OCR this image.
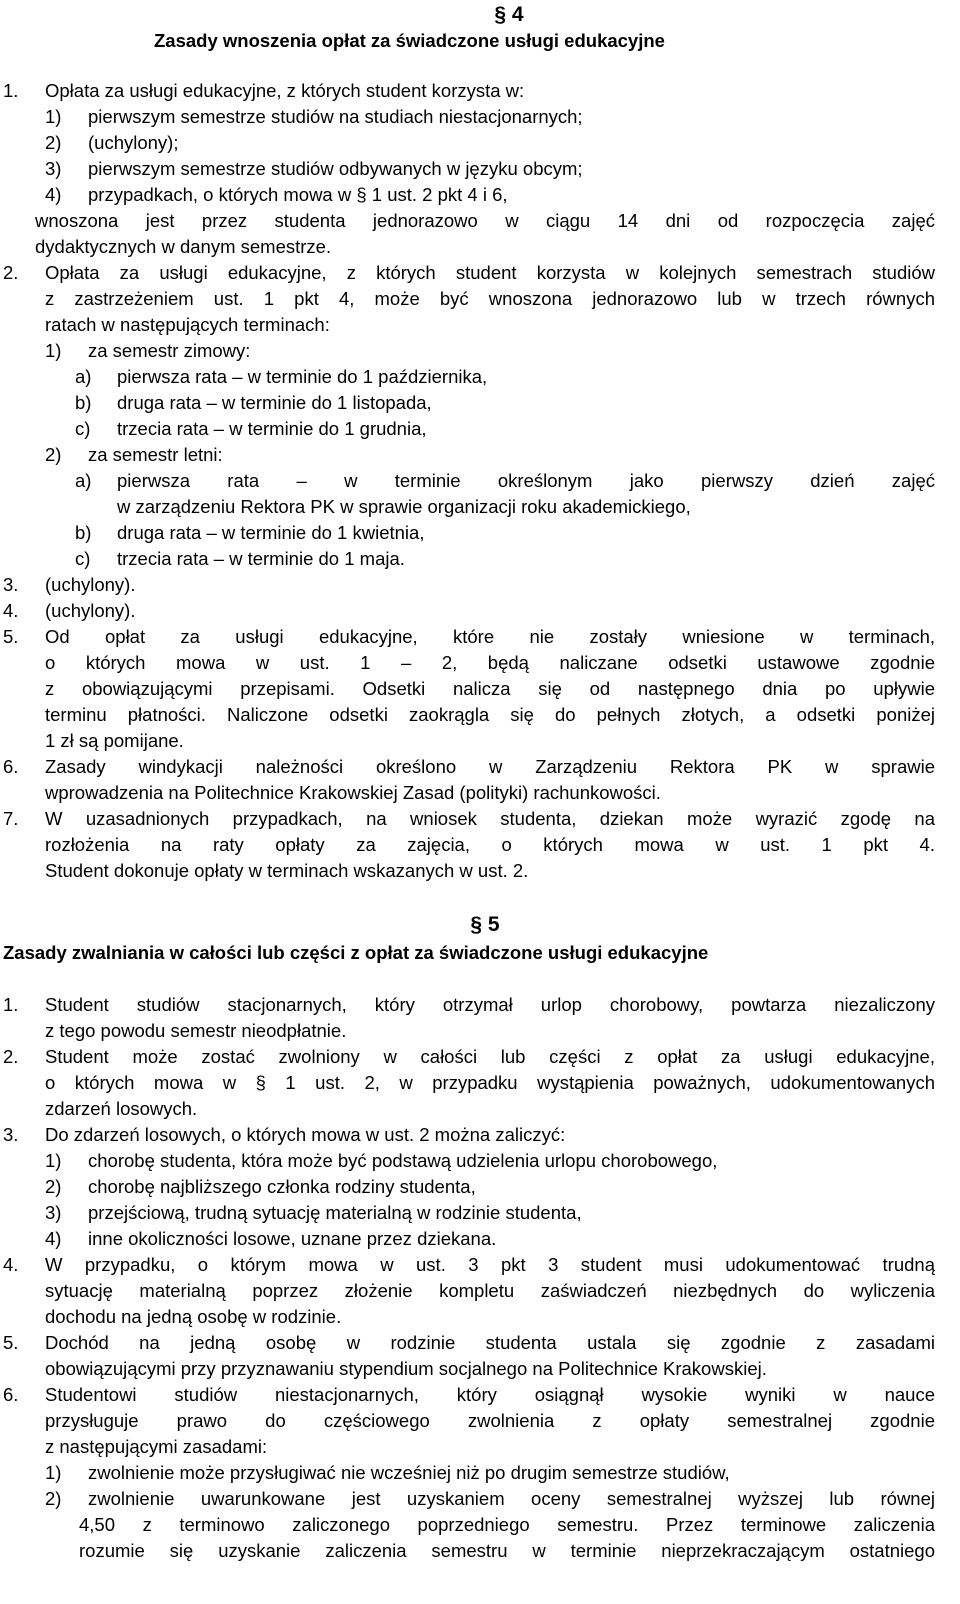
§ 4
Zasady wnoszenia opłat za świadczone usługi edukacyjne
1. Opłata za usługi edukacyjne, z których student korzysta w:
1) pierwszym semestrze studiów na studiach niestacjonarnych;
2) (uchylony);
3) pierwszym semestrze studiów odbywanych w języku obcym;
4) przypadkach, o których mowa w § 1 ust. 2 pkt 4 i 6,
wnoszona jest przez studenta jednorazowo w ciągu 14 dni od rozpoczęcia zajęć
dydaktycznych w danym semestrze.
2. Opłata za usługi edukacyjne, z których student korzysta w kolejnych semestrach studiów
z zastrzeżeniem ust. 1 pkt 4, może być wnoszona jednorazowo lub w trzech równych
ratach w następujących terminach:
1) za semestr zimowy:
a) pierwsza rata – w terminie do 1 października,
b) druga rata – w terminie do 1 listopada,
c) trzecia rata – w terminie do 1 grudnia,
2) za semestr letni:
a) pierwsza rata – w terminie określonym jako pierwszy dzień zajęć
w zarządzeniu Rektora PK w sprawie organizacji roku akademickiego,
b) druga rata – w terminie do 1 kwietnia,
c) trzecia rata – w terminie do 1 maja.
3. (uchylony).
4. (uchylony).
5. Od opłat za usługi edukacyjne, które nie zostały wniesione w terminach,
o których mowa w ust. 1 – 2, będą naliczane odsetki ustawowe zgodnie
z obowiązującymi przepisami. Odsetki nalicza się od następnego dnia po upływie
terminu płatności. Naliczone odsetki zaokrągla się do pełnych złotych, a odsetki poniżej
1 zł są pomijane.
6. Zasady windykacji należności określono w Zarządzeniu Rektora PK w sprawie
wprowadzenia na Politechnice Krakowskiej Zasad (polityki) rachunkowości.
7. W uzasadnionych przypadkach, na wniosek studenta, dziekan może wyrazić zgodę na
rozłożenia na raty opłaty za zajęcia, o których mowa w ust. 1 pkt 4.
Student dokonuje opłaty w terminach wskazanych w ust. 2.
§ 5
Zasady zwalniania w całości lub części z opłat za świadczone usługi edukacyjne
1. Student studiów stacjonarnych, który otrzymał urlop chorobowy, powtarza niezaliczony
z tego powodu semestr nieodpłatnie.
2. Student może zostać zwolniony w całości lub części z opłat za usługi edukacyjne,
o których mowa w § 1 ust. 2, w przypadku wystąpienia poważnych, udokumentowanych
zdarzeń losowych.
3. Do zdarzeń losowych, o których mowa w ust. 2 można zaliczyć:
1) chorobę studenta, która może być podstawą udzielenia urlopu chorobowego,
2) chorobę najbliższego członka rodziny studenta,
3) przejściową, trudną sytuację materialną w rodzinie studenta,
4) inne okoliczności losowe, uznane przez dziekana.
4. W przypadku, o którym mowa w ust. 3 pkt 3 student musi udokumentować trudną
sytuację materialną poprzez złożenie kompletu zaświadczeń niezbędnych do wyliczenia
dochodu na jedną osobę w rodzinie.
5. Dochód na jedną osobę w rodzinie studenta ustala się zgodnie z zasadami
obowiązującymi przy przyznawaniu stypendium socjalnego na Politechnice Krakowskiej.
6. Studentowi studiów niestacjonarnych, który osiągnął wysokie wyniki w nauce
przysługuje prawo do częściowego zwolnienia z opłaty semestralnej zgodnie
z następującymi zasadami:
1) zwolnienie może przysługiwać nie wcześniej niż po drugim semestrze studiów,
2) zwolnienie uwarunkowane jest uzyskaniem oceny semestralnej wyższej lub równej
4,50 z terminowo zaliczonego poprzedniego semestru. Przez terminowe zaliczenia
rozumie się uzyskanie zaliczenia semestru w terminie nieprzekraczającym ostatniego
